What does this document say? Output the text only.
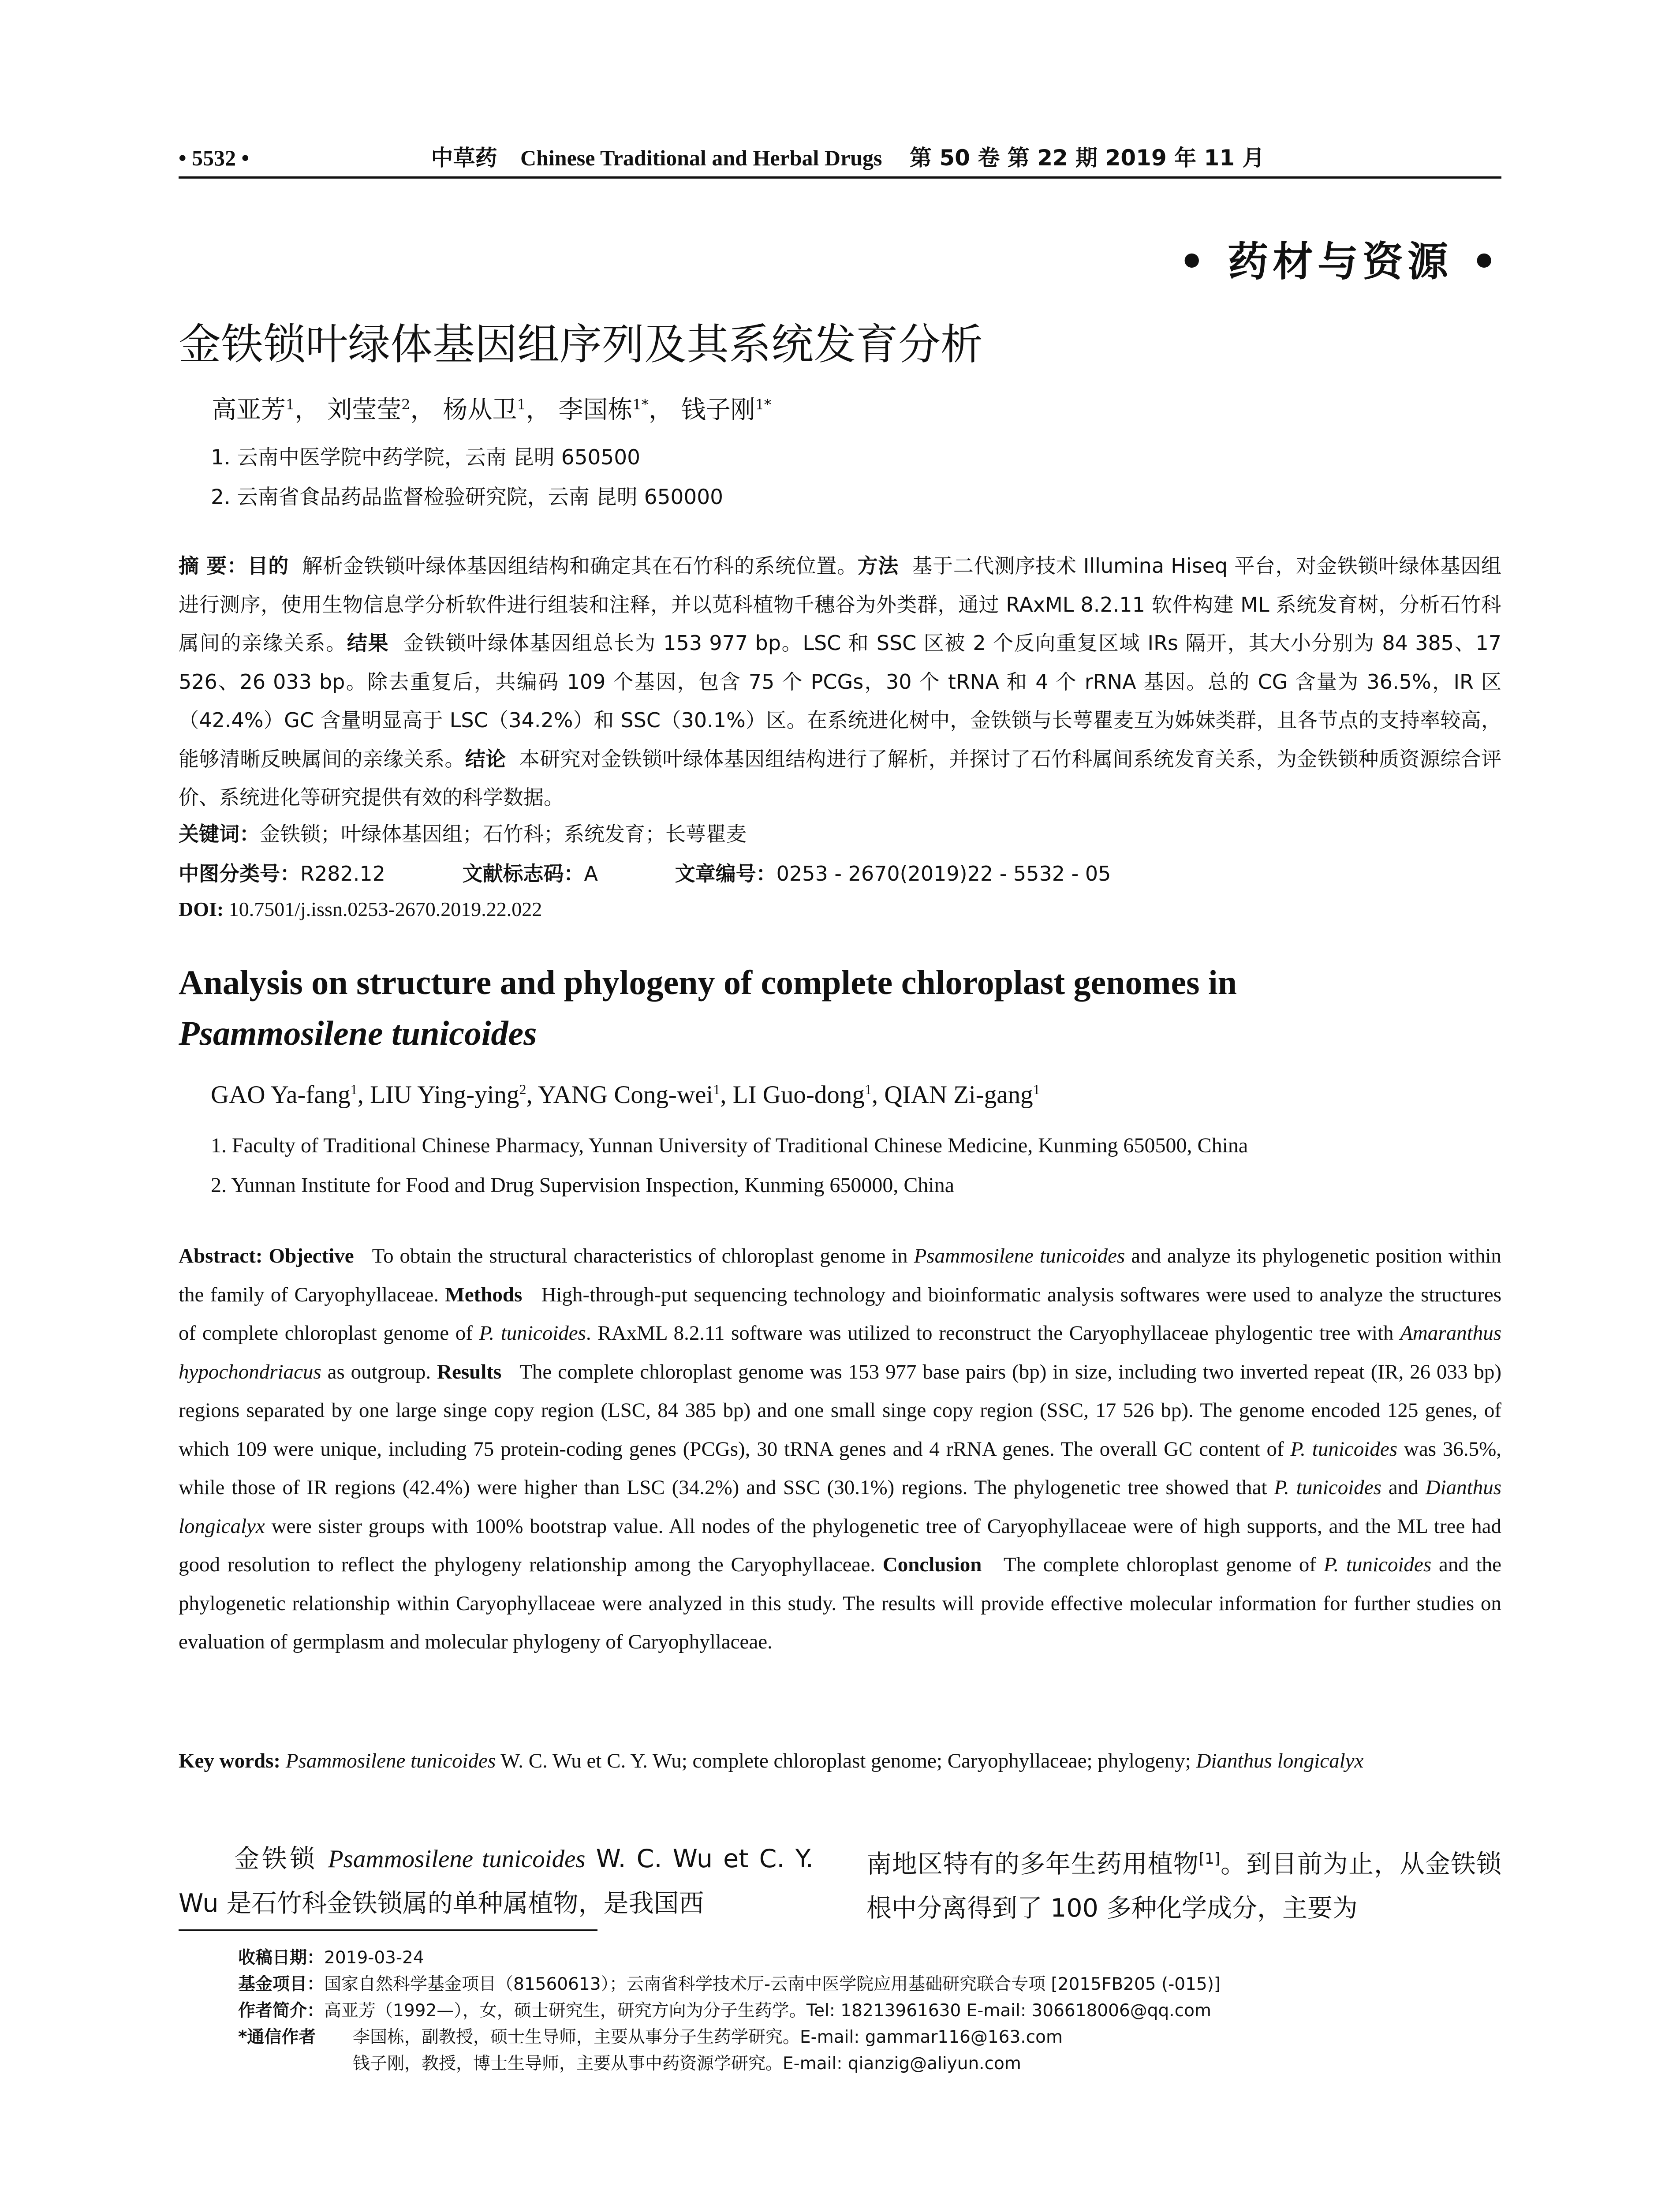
• 5532 •	中草药 Chinese Traditional and Herbal Drugs 第 50 卷 第 22 期 2019 年 11 月
• 药材与资源 •
金铁锁叶绿体基因组序列及其系统发育分析
高亚芳$^1$， 刘莹莹$^2$， 杨从卫$^1$， 李国栋$^{1*}$， 钱子刚$^{1*}$
1. 云南中医学院中药学院，云南 昆明 650500
2. 云南省食品药品监督检验研究院，云南 昆明 650000
摘 要：目的 解析金铁锁叶绿体基因组结构和确定其在石竹科的系统位置。方法 基于二代测序技术 Illumina Hiseq 平台，对金铁锁叶绿体基因组进行测序，使用生物信息学分析软件进行组装和注释，并以苋科植物千穗谷为外类群，通过 RAxML 8.2.11 软件构建 ML 系统发育树，分析石竹科属间的亲缘关系。结果 金铁锁叶绿体基因组总长为 153 977 bp。LSC 和 SSC 区被 2 个反向重复区域 IRs 隔开，其大小分别为 84 385、17 526、26 033 bp。除去重复后，共编码 109 个基因，包含 75 个 PCGs，30 个 tRNA 和 4 个 rRNA 基因。总的 CG 含量为 36.5%，IR 区（42.4%）GC 含量明显高于 LSC（34.2%）和 SSC（30.1%）区。在系统进化树中，金铁锁与长萼瞿麦互为姊妹类群，且各节点的支持率较高，能够清晰反映属间的亲缘关系。结论 本研究对金铁锁叶绿体基因组结构进行了解析，并探讨了石竹科属间系统发育关系，为金铁锁种质资源综合评价、系统进化等研究提供有效的科学数据。
关键词：金铁锁；叶绿体基因组；石竹科；系统发育；长萼瞿麦
中图分类号：R282.12	文献标志码：A	文章编号：0253 - 2670(2019)22 - 5532 - 05
DOI: 10.7501/j.issn.0253-2670.2019.22.022
Analysis on structure and phylogeny of complete chloroplast genomes in
Psammosilene tunicoides
GAO Ya-fang$^1$, LIU Ying-ying$^2$, YANG Cong-wei$^1$, LI Guo-dong$^1$, QIAN Zi-gang$^1$
1. Faculty of Traditional Chinese Pharmacy, Yunnan University of Traditional Chinese Medicine, Kunming 650500, China
2. Yunnan Institute for Food and Drug Supervision Inspection, Kunming 650000, China
Abstract: Objective To obtain the structural characteristics of chloroplast genome in Psammosilene tunicoides and analyze its phylogenetic position within the family of Caryophyllaceae. Methods High-through-put sequencing technology and bioinformatic analysis softwares were used to analyze the structures of complete chloroplast genome of P. tunicoides. RAxML 8.2.11 software was utilized to reconstruct the Caryophyllaceae phylogentic tree with Amaranthus hypochondriacus as outgroup. Results The complete chloroplast genome was 153 977 base pairs (bp) in size, including two inverted repeat (IR, 26 033 bp) regions separated by one large singe copy region (LSC, 84 385 bp) and one small singe copy region (SSC, 17 526 bp). The genome encoded 125 genes, of which 109 were unique, including 75 protein-coding genes (PCGs), 30 tRNA genes and 4 rRNA genes. The overall GC content of P. tunicoides was 36.5%, while those of IR regions (42.4%) were higher than LSC (34.2%) and SSC (30.1%) regions. The phylogenetic tree showed that P. tunicoides and Dianthus longicalyx were sister groups with 100% bootstrap value. All nodes of the phylogenetic tree of Caryophyllaceae were of high supports, and the ML tree had good resolution to reflect the phylogeny relationship among the Caryophyllaceae. Conclusion The complete chloroplast genome of P. tunicoides and the phylogenetic relationship within Caryophyllaceae were analyzed in this study. The results will provide effective molecular information for further studies on evaluation of germplasm and molecular phylogeny of Caryophyllaceae.
Key words: Psammosilene tunicoides W. C. Wu et C. Y. Wu; complete chloroplast genome; Caryophyllaceae; phylogeny; Dianthus longicalyx
金铁锁 Psammosilene tunicoides W. C. Wu et C. Y. Wu 是石竹科金铁锁属的单种属植物，是我国西
南地区特有的多年生药用植物[1]。到目前为止，从金铁锁根中分离得到了 100 多种化学成分，主要为
收稿日期：2019-03-24
基金项目：国家自然科学基金项目（81560613）；云南省科学技术厅-云南中医学院应用基础研究联合专项 [2015FB205 (-015)]
作者简介：高亚芳（1992—），女，硕士研究生，研究方向为分子生药学。Tel: 18213961630 E-mail: 306618006@qq.com
*通信作者 李国栋，副教授，硕士生导师，主要从事分子生药学研究。E-mail: gammar116@163.com
钱子刚，教授，博士生导师，主要从事中药资源学研究。E-mail: qianzig@aliyun.com
